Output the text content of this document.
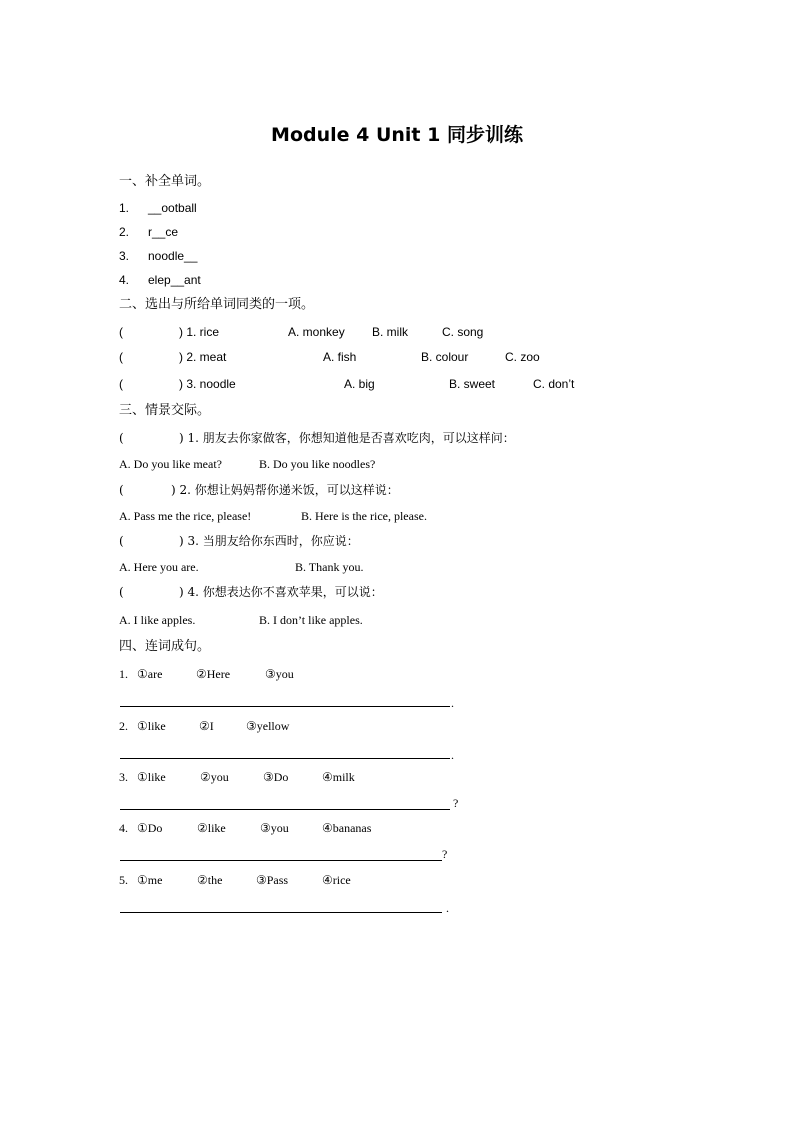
Module 4 Unit 1 同步训练
一、补全单词。
1. __ootball
2. r__ce
3. noodle__
4. elep__ant
二、选出与所给单词同类的一项。
(	) 1. rice	A. monkey B. milk	C. song
(	) 2. meat	A. fish	B. colour	C. zoo
(	) 3. noodle	A. big	B. sweet	C. don’t
三、情景交际。
(	) 1. 朋友去你家做客，你想知道他是否喜欢吃肉，可以这样问：
A. Do you like meat?	B. Do you like noodles?
(	) 2. 你想让妈妈帮你递米饭，可以这样说：
A. Pass me the rice, please!	B. Here is the rice, please.
(	) 3. 当朋友给你东西时，你应说：
A. Here you are.	B. Thank you.
(	) 4. 你想表达你不喜欢苹果，可以说：
A. I like apples.	B. I don’t like apples.
四、连词成句。
1. ①are	②Here	③you
.
2. ①like	②I	③yellow
.
3. ①like	②you	③Do	④milk
?
4. ①Do	②like	③you	④bananas
?
5. ①me	②the	③Pass	④rice
.
